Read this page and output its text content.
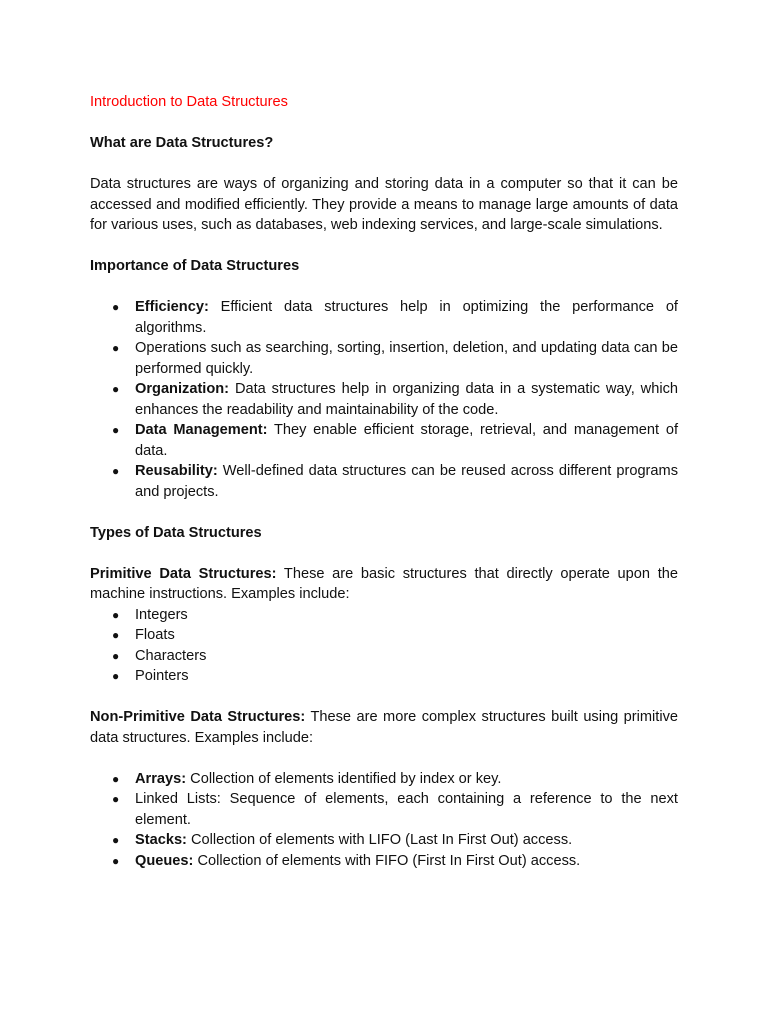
Introduction to Data Structures
What are Data Structures?

Data structures are ways of organizing and storing data in a computer so that it can be accessed and modified efficiently. They provide a means to manage large amounts of data for various uses, such as databases, web indexing services, and large-scale simulations.

Importance of Data Structures
● Efficiency: Efficient data structures help in optimizing the performance of algorithms.
● Operations such as searching, sorting, insertion, deletion, and updating data can be performed quickly.
● Organization: Data structures help in organizing data in a systematic way, which enhances the readability and maintainability of the code.
● Data Management: They enable efficient storage, retrieval, and management of data.
● Reusability: Well-defined data structures can be reused across different programs and projects.
Types of Data Structures

Primitive Data Structures: These are basic structures that directly operate upon the machine instructions. Examples include:

● Integers
● Floats
● Characters
● Pointers

Non-Primitive Data Structures: These are more complex structures built using primitive data structures. Examples include:

● Arrays: Collection of elements identified by index or key.
● Linked Lists: Sequence of elements, each containing a reference to the next element.
● Stacks: Collection of elements with LIFO (Last In First Out) access.
● Queues: Collection of elements with FIFO (First In First Out) access.
